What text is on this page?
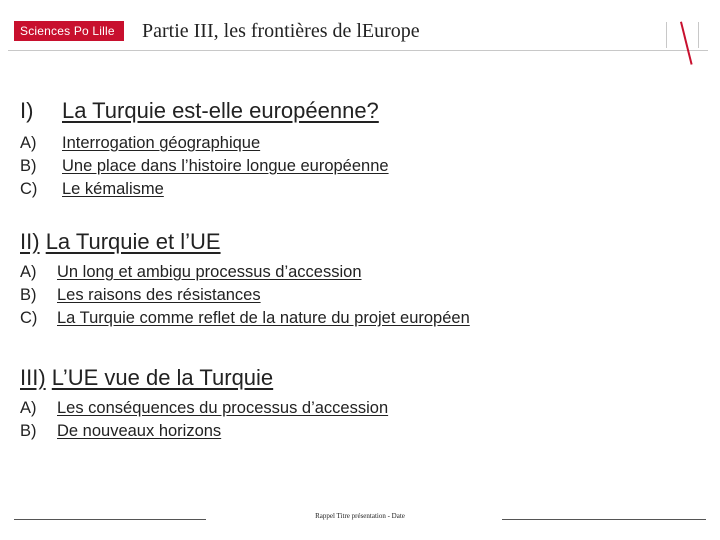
Sciences Po Lille	Partie III, les frontières de lEurope

I) La Turquie est-elle européenne?

A) Interrogation géographique

B) Une place dans l’histoire longue européenne

C) Le kémalisme

II) La Turquie et l’UE

A) Un long et ambigu processus d’accession

B) Les raisons des résistances

C) La Turquie comme reflet de la nature du projet européen

III) L’UE vue de la Turquie

A) Les conséquences du processus d’accession

B) De nouveaux horizons

Rappel Titre présentation - Date
